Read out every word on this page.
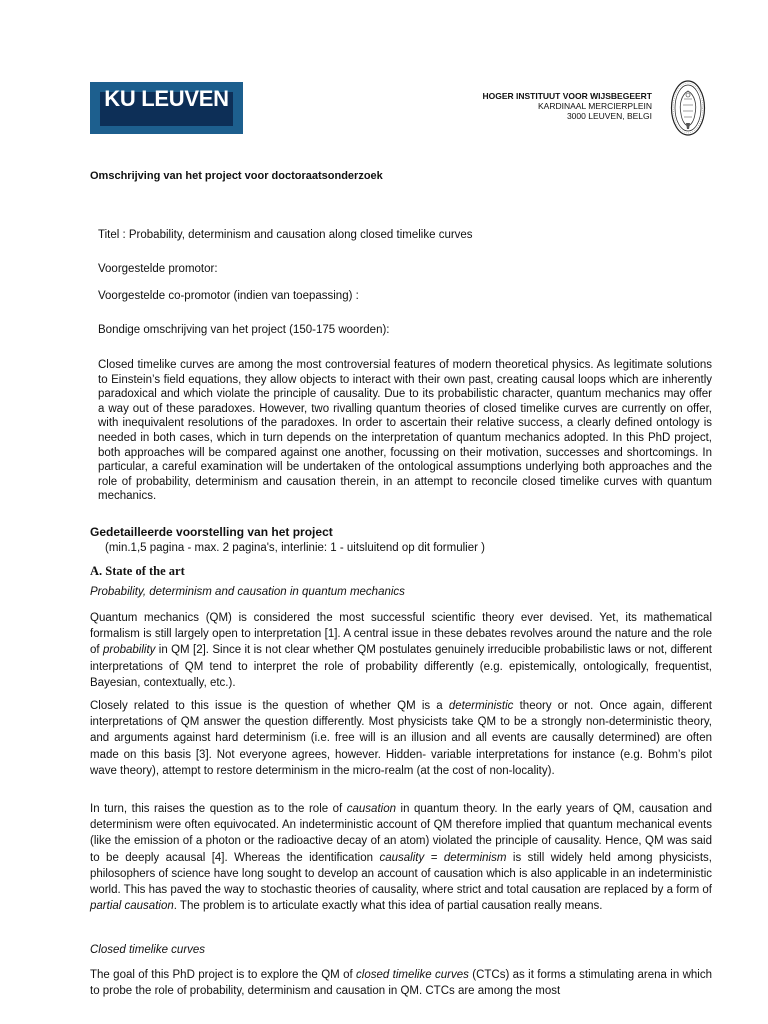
KU LEUVEN	HOGER INSTITUUT VOOR WIJSBEGEERT
KARDINAAL MERCIERPLEIN
3000 LEUVEN, BELGI
Omschrijving van het project voor doctoraatsonderzoek
Titel : Probability, determinism and causation along closed timelike curves
Voorgestelde promotor:
Voorgestelde co-promotor (indien van toepassing) :
Bondige omschrijving van het project (150-175 woorden):
Closed timelike curves are among the most controversial features of modern theoretical physics. As legitimate solutions to Einstein’s field equations, they allow objects to interact with their own past, creating causal loops which are inherently paradoxical and which violate the principle of causality. Due to its probabilistic character, quantum mechanics may offer a way out of these paradoxes. However, two rivalling quantum theories of closed timelike curves are currently on offer, with inequivalent resolutions of the paradoxes. In order to ascertain their relative success, a clearly defined ontology is needed in both cases, which in turn depends on the interpretation of quantum mechanics adopted. In this PhD project, both approaches will be compared against one another, focussing on their motivation, successes and shortcomings. In particular, a careful examination will be undertaken of the ontological assumptions underlying both approaches and the role of probability, determinism and causation therein, in an attempt to reconcile closed timelike curves with quantum mechanics.
Gedetailleerde voorstelling van het project
(min.1,5 pagina - max. 2 pagina's, interlinie: 1 - uitsluitend op dit formulier )
A. State of the art
Probability, determinism and causation in quantum mechanics
Quantum mechanics (QM) is considered the most successful scientific theory ever devised. Yet, its mathematical formalism is still largely open to interpretation [1]. A central issue in these debates revolves around the nature and the role of probability in QM [2]. Since it is not clear whether QM postulates genuinely irreducible probabilistic laws or not, different interpretations of QM tend to interpret the role of probability differently (e.g. epistemically, ontologically, frequentist, Bayesian, contextually, etc.).
Closely related to this issue is the question of whether QM is a deterministic theory or not. Once again, different interpretations of QM answer the question differently. Most physicists take QM to be a strongly non-deterministic theory, and arguments against hard determinism (i.e. free will is an illusion and all events are causally determined) are often made on this basis [3]. Not everyone agrees, however. Hidden- variable interpretations for instance (e.g. Bohm’s pilot wave theory), attempt to restore determinism in the micro-realm (at the cost of non-locality).
In turn, this raises the question as to the role of causation in quantum theory. In the early years of QM, causation and determinism were often equivocated. An indeterministic account of QM therefore implied that quantum mechanical events (like the emission of a photon or the radioactive decay of an atom) violated the principle of causality. Hence, QM was said to be deeply acausal [4]. Whereas the identification causality = determinism is still widely held among physicists, philosophers of science have long sought to develop an account of causation which is also applicable in an indeterministic world. This has paved the way to stochastic theories of causality, where strict and total causation are replaced by a form of partial causation. The problem is to articulate exactly what this idea of partial causation really means.
Closed timelike curves
The goal of this PhD project is to explore the QM of closed timelike curves (CTCs) as it forms a stimulating arena in which to probe the role of probability, determinism and causation in QM. CTCs are among the most
